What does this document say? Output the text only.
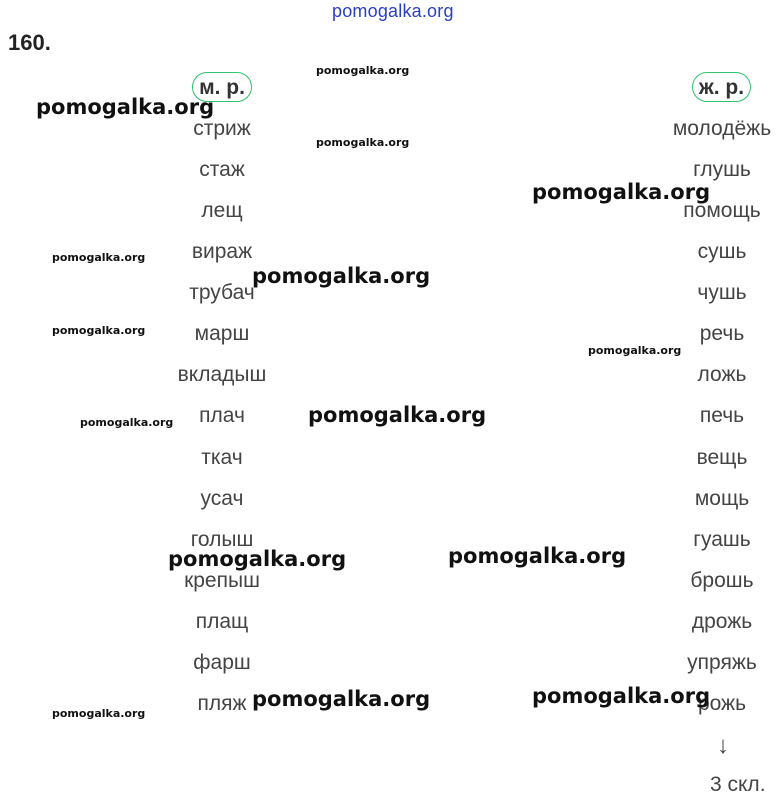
pomogalka.org
160.
м. р.	ж. р.
стриж
стаж
лещ
вираж
трубач
марш
вкладыш
плач
ткач
усач
голыш
крепыш
плащ
фарш
пляж
молодёжь
глушь
помощь
сушь
чушь
речь
ложь
печь
вещь
мощь
гуашь
брошь
дрожь
упряжь
рожь
↓
3 скл.
pomogalka.org
pomogalka.org
pomogalka.org
pomogalka.org
pomogalka.org
pomogalka.org
pomogalka.org
pomogalka.org
pomogalka.org
pomogalka.org
pomogalka.org
pomogalka.org
pomogalka.org
pomogalka.org
pomogalka.org
